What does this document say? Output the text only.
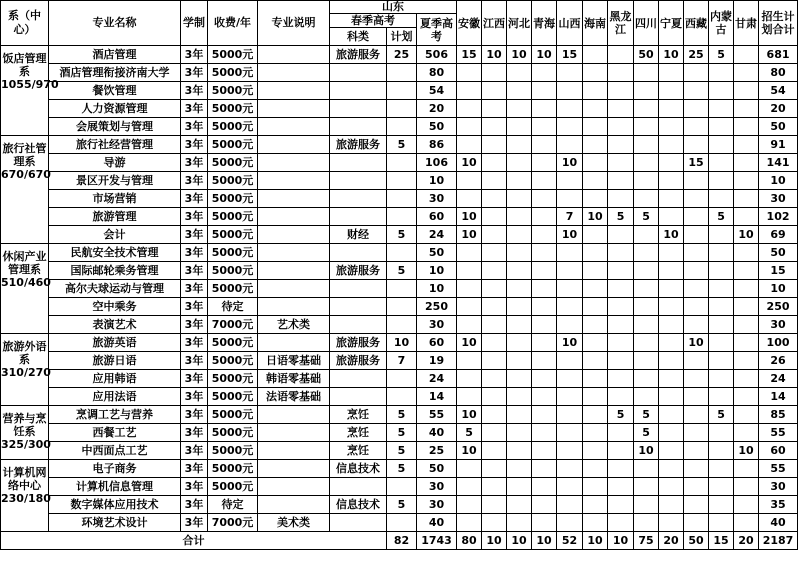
系（中心）	专业名称	学制	收费/年	专业说明	山东			安徽	江西	河北	青海	山西	海南	黑龙江	四川	宁夏	西藏	内蒙古	甘肃	招生计划合计
					春季高考		夏季高考													
					科类	计划														
饭店管理系1055/970	酒店管理	3年	5000元		旅游服务	25	506	15	10	10	10	15			50	10	25	5		681
	酒店管理衔接济南大学	3年	5000元				80													80
	餐饮管理	3年	5000元				54													54
	人力资源管理	3年	5000元				20													20
	会展策划与管理	3年	5000元				50													50
旅行社管理系670/670	旅行社经营管理	3年	5000元		旅游服务	5	86													91
	导游	3年	5000元				106	10				10					15			141
	景区开发与管理	3年	5000元				10													10
	市场营销	3年	5000元				30													30
	旅游管理	3年	5000元				60	10				7	10	5	5			5		102
	会计	3年	5000元		财经	5	24	10				10				10			10	69
休闲产业管理系510/460	民航安全技术管理	3年	5000元				50													50
	国际邮轮乘务管理	3年	5000元		旅游服务	5	10													15
	高尔夫球运动与管理	3年	5000元				10													10
	空中乘务	3年	待定				250													250
	表演艺术	3年	7000元	艺术类			30													30
旅游外语系310/270	旅游英语	3年	5000元		旅游服务	10	60	10				10					10			100
	旅游日语	3年	5000元	日语零基础	旅游服务	7	19													26
	应用韩语	3年	5000元	韩语零基础			24													24
	应用法语	3年	5000元	法语零基础			14													14
营养与烹饪系325/300	烹调工艺与营养	3年	5000元		烹饪	5	55	10						5	5			5		85
	西餐工艺	3年	5000元		烹饪	5	40	5							5					55
	中西面点工艺	3年	5000元		烹饪	5	25	10							10				10	60
计算机网络中心230/180	电子商务	3年	5000元		信息技术	5	50													55
	计算机信息管理	3年	5000元				30													30
	数字媒体应用技术	3年	待定		信息技术	5	30													35
	环境艺术设计	3年	7000元	美术类			40													40
合计						82	1743	80	10	10	10	52	10	10	75	20	50	15	20	2187
